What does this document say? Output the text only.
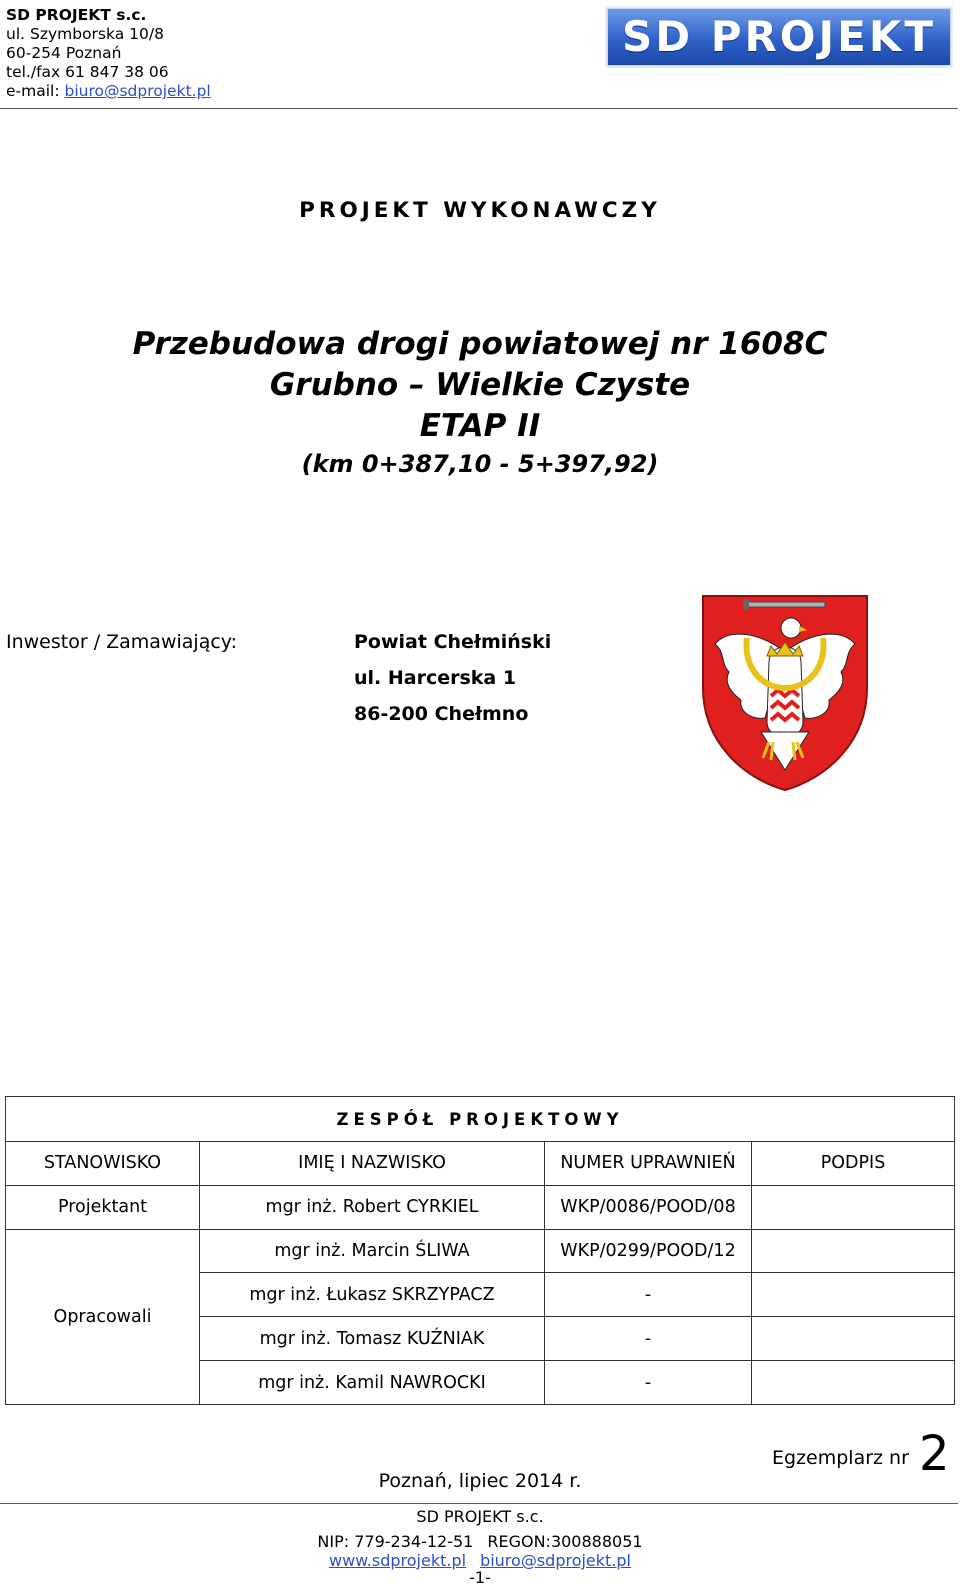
SD PROJEKT s.c.
ul. Szymborska 10/8
60-254 Poznań
tel./fax 61 847 38 06
e-mail: biuro@sdprojekt.pl
SD PROJEKT
PROJEKT WYKONAWCZY
Przebudowa drogi powiatowej nr 1608C
Grubno – Wielkie Czyste
ETAP II
(km 0+387,10 - 5+397,92)
Inwestor / Zamawiający:	Powiat Chełmiński
ul. Harcerska 1
86-200 Chełmno
ZESPÓŁ PROJEKTOWY			
STANOWISKO	IMIĘ I NAZWISKO	NUMER UPRAWNIEŃ	PODPIS
Projektant	mgr inż. Robert CYRKIEL	WKP/0086/POOD/08	
Opracowali	mgr inż. Marcin ŚLIWA	WKP/0299/POOD/12	
	mgr inż. Łukasz SKRZYPACZ	-	
	mgr inż. Tomasz KUŹNIAK	-	
	mgr inż. Kamil NAWROCKI	-	
Egzemplarz nr 2
Poznań, lipiec 2014 r.
SD PROJEKT s.c.
NIP: 779-234-12-51 REGON:300888051
www.sdprojekt.pl biuro@sdprojekt.pl
-1-
